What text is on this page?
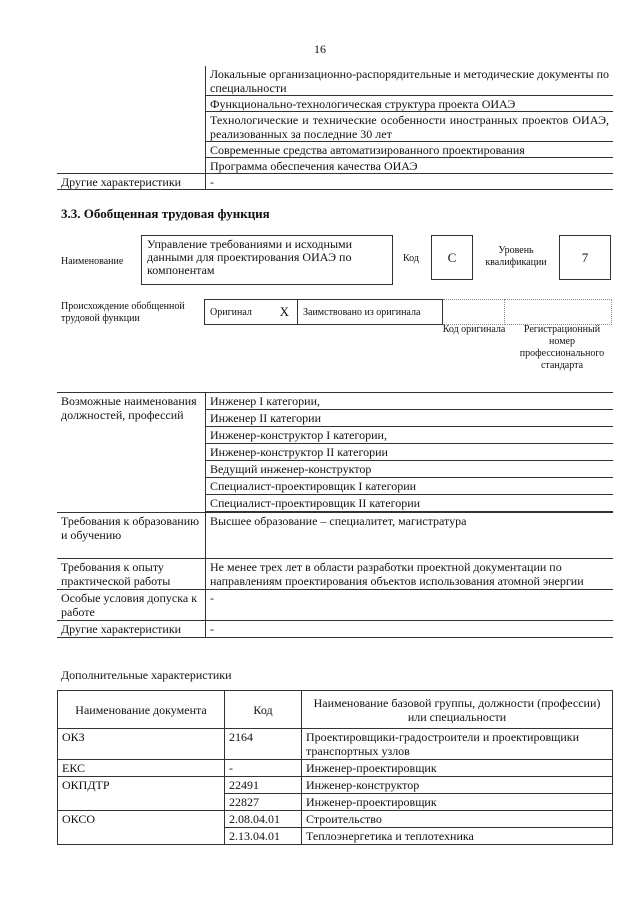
16
	Локальные организационно-распорядительные и методические документы по специальности
	Функционально-технологическая структура проекта ОИАЭ
	Технологические и технические особенности иностранных проектов ОИАЭ, реализованных за последние 30 лет
	Современные средства автоматизированного проектирования
	Программа обеспечения качества ОИАЭ
Другие характеристики	-
3.3. Обобщенная трудовая функция
Наименование
Управление требованиями и исходными данными для проектирования ОИАЭ по компонентам
Код	C	Уровень квалификации	7
Происхождение обобщенной трудовой функции
Оригинал X	Заимствовано из оригинала
Код оригинала	Регистрационный номер профессионального стандарта
Возможные наименования должностей, профессий	Инженер I категории,
Инженер II категории
Инженер-конструктор I категории,
Инженер-конструктор II категории
Ведущий инженер-конструктор
Специалист-проектировщик I категории
Специалист-проектировщик II категории
Требования к образованию и обучению	Высшее образование – специалитет, магистратура
Требования к опыту практической работы	Не менее трех лет в области разработки проектной документации по направлениям проектирования объектов использования атомной энергии
Особые условия допуска к работе	-
Другие характеристики	-
Дополнительные характеристики
Наименование документа	Код	Наименование базовой группы, должности (профессии) или специальности
ОКЗ	2164	Проектировщики-градостроители и проектировщики транспортных узлов
ЕКС	-	Инженер-проектировщик
ОКПДТР	22491	Инженер-конструктор
	22827	Инженер-проектировщик
ОКСО	2.08.04.01	Строительство
	2.13.04.01	Теплоэнергетика и теплотехника
